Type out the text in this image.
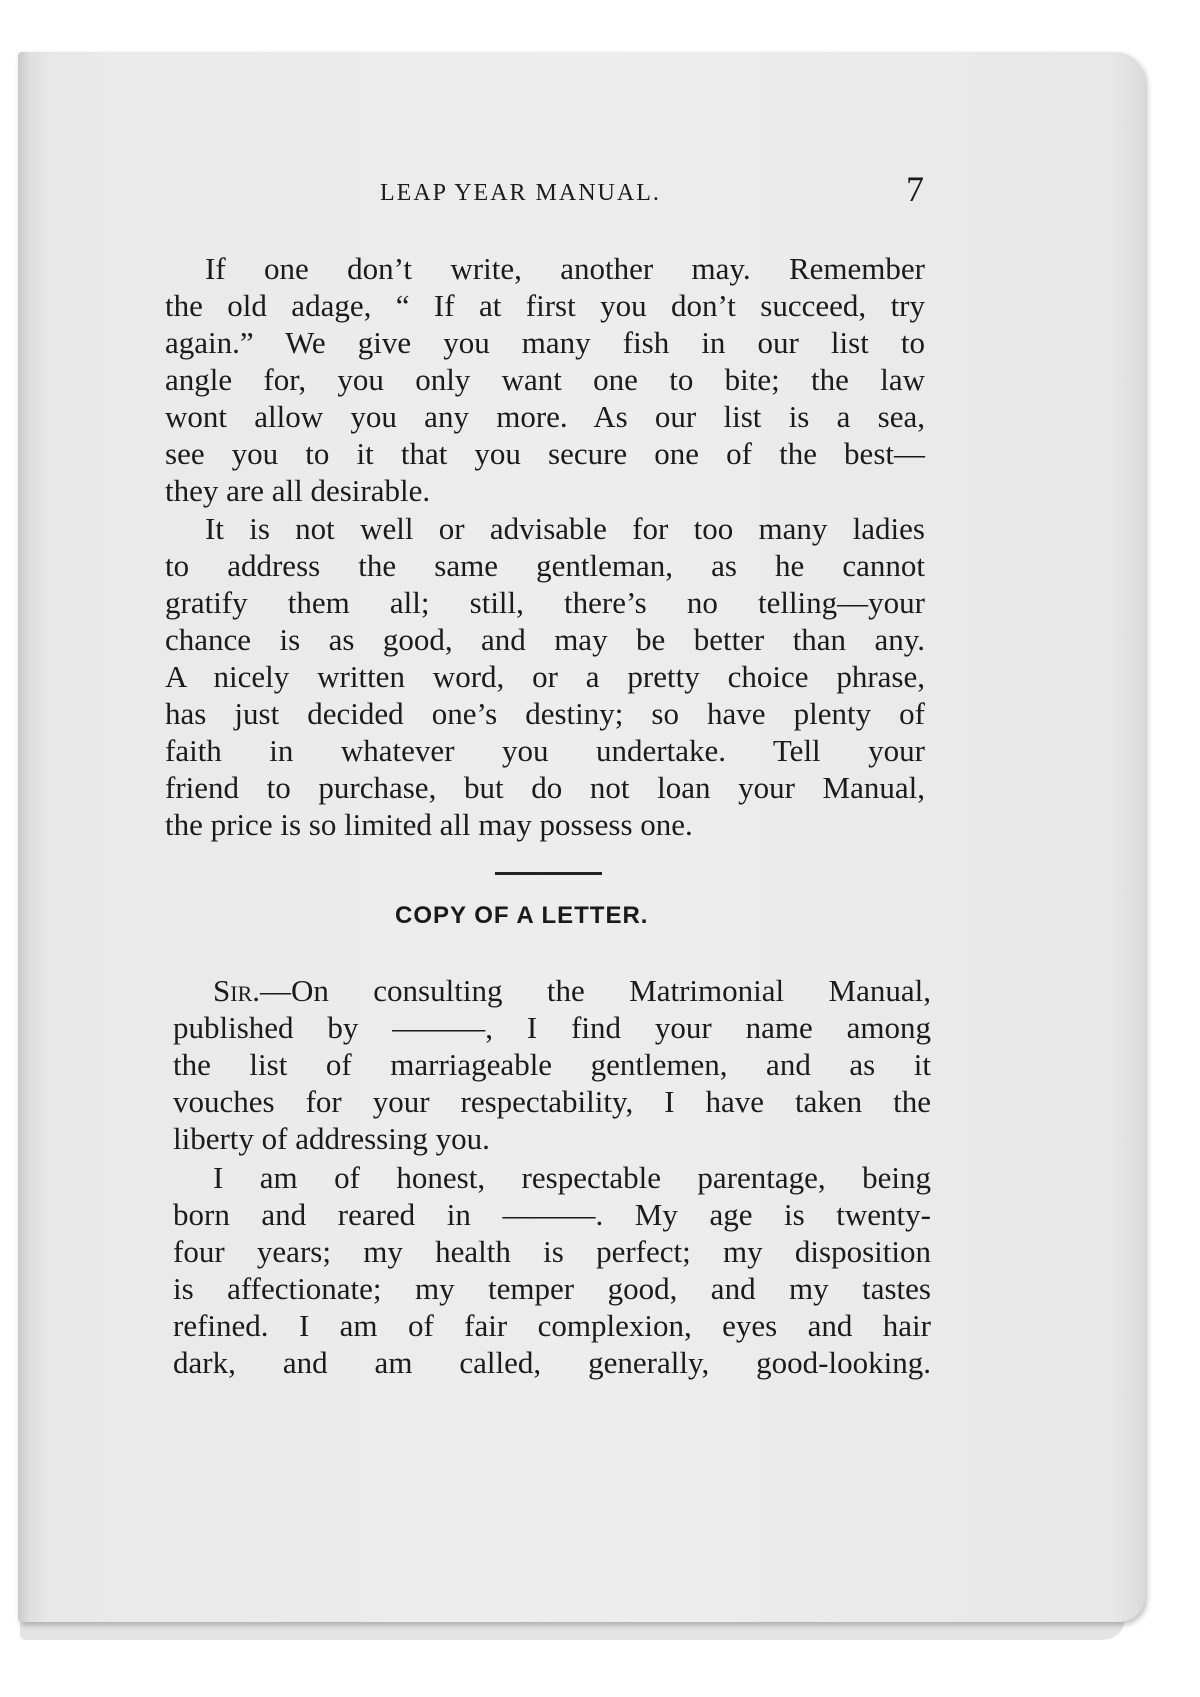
LEAP YEAR MANUAL.	7

If one don’t write, another may. Remember

the old adage, “ If at first you don’t succeed, try

again.” We give you many fish in our list to

angle for, you only want one to bite; the law

wont allow you any more. As our list is a sea,

see you to it that you secure one of the best—

they are all desirable.

It is not well or advisable for too many ladies

to address the same gentleman, as he cannot

gratify them all; still, there’s no telling—your

chance is as good, and may be better than any.

A nicely written word, or a pretty choice phrase,

has just decided one’s destiny; so have plenty of

faith in whatever you undertake. Tell your

friend to purchase, but do not loan your Manual,

the price is so limited all may possess one.

COPY OF A LETTER.

Sir.—On consulting the Matrimonial Manual,

published by ———, I find your name among

the list of marriageable gentlemen, and as it

vouches for your respectability, I have taken the

liberty of addressing you.

I am of honest, respectable parentage, being

born and reared in ———. My age is twenty-

four years; my health is perfect; my disposition

is affectionate; my temper good, and my tastes

refined. I am of fair complexion, eyes and hair

dark, and am called, generally, good-looking.
